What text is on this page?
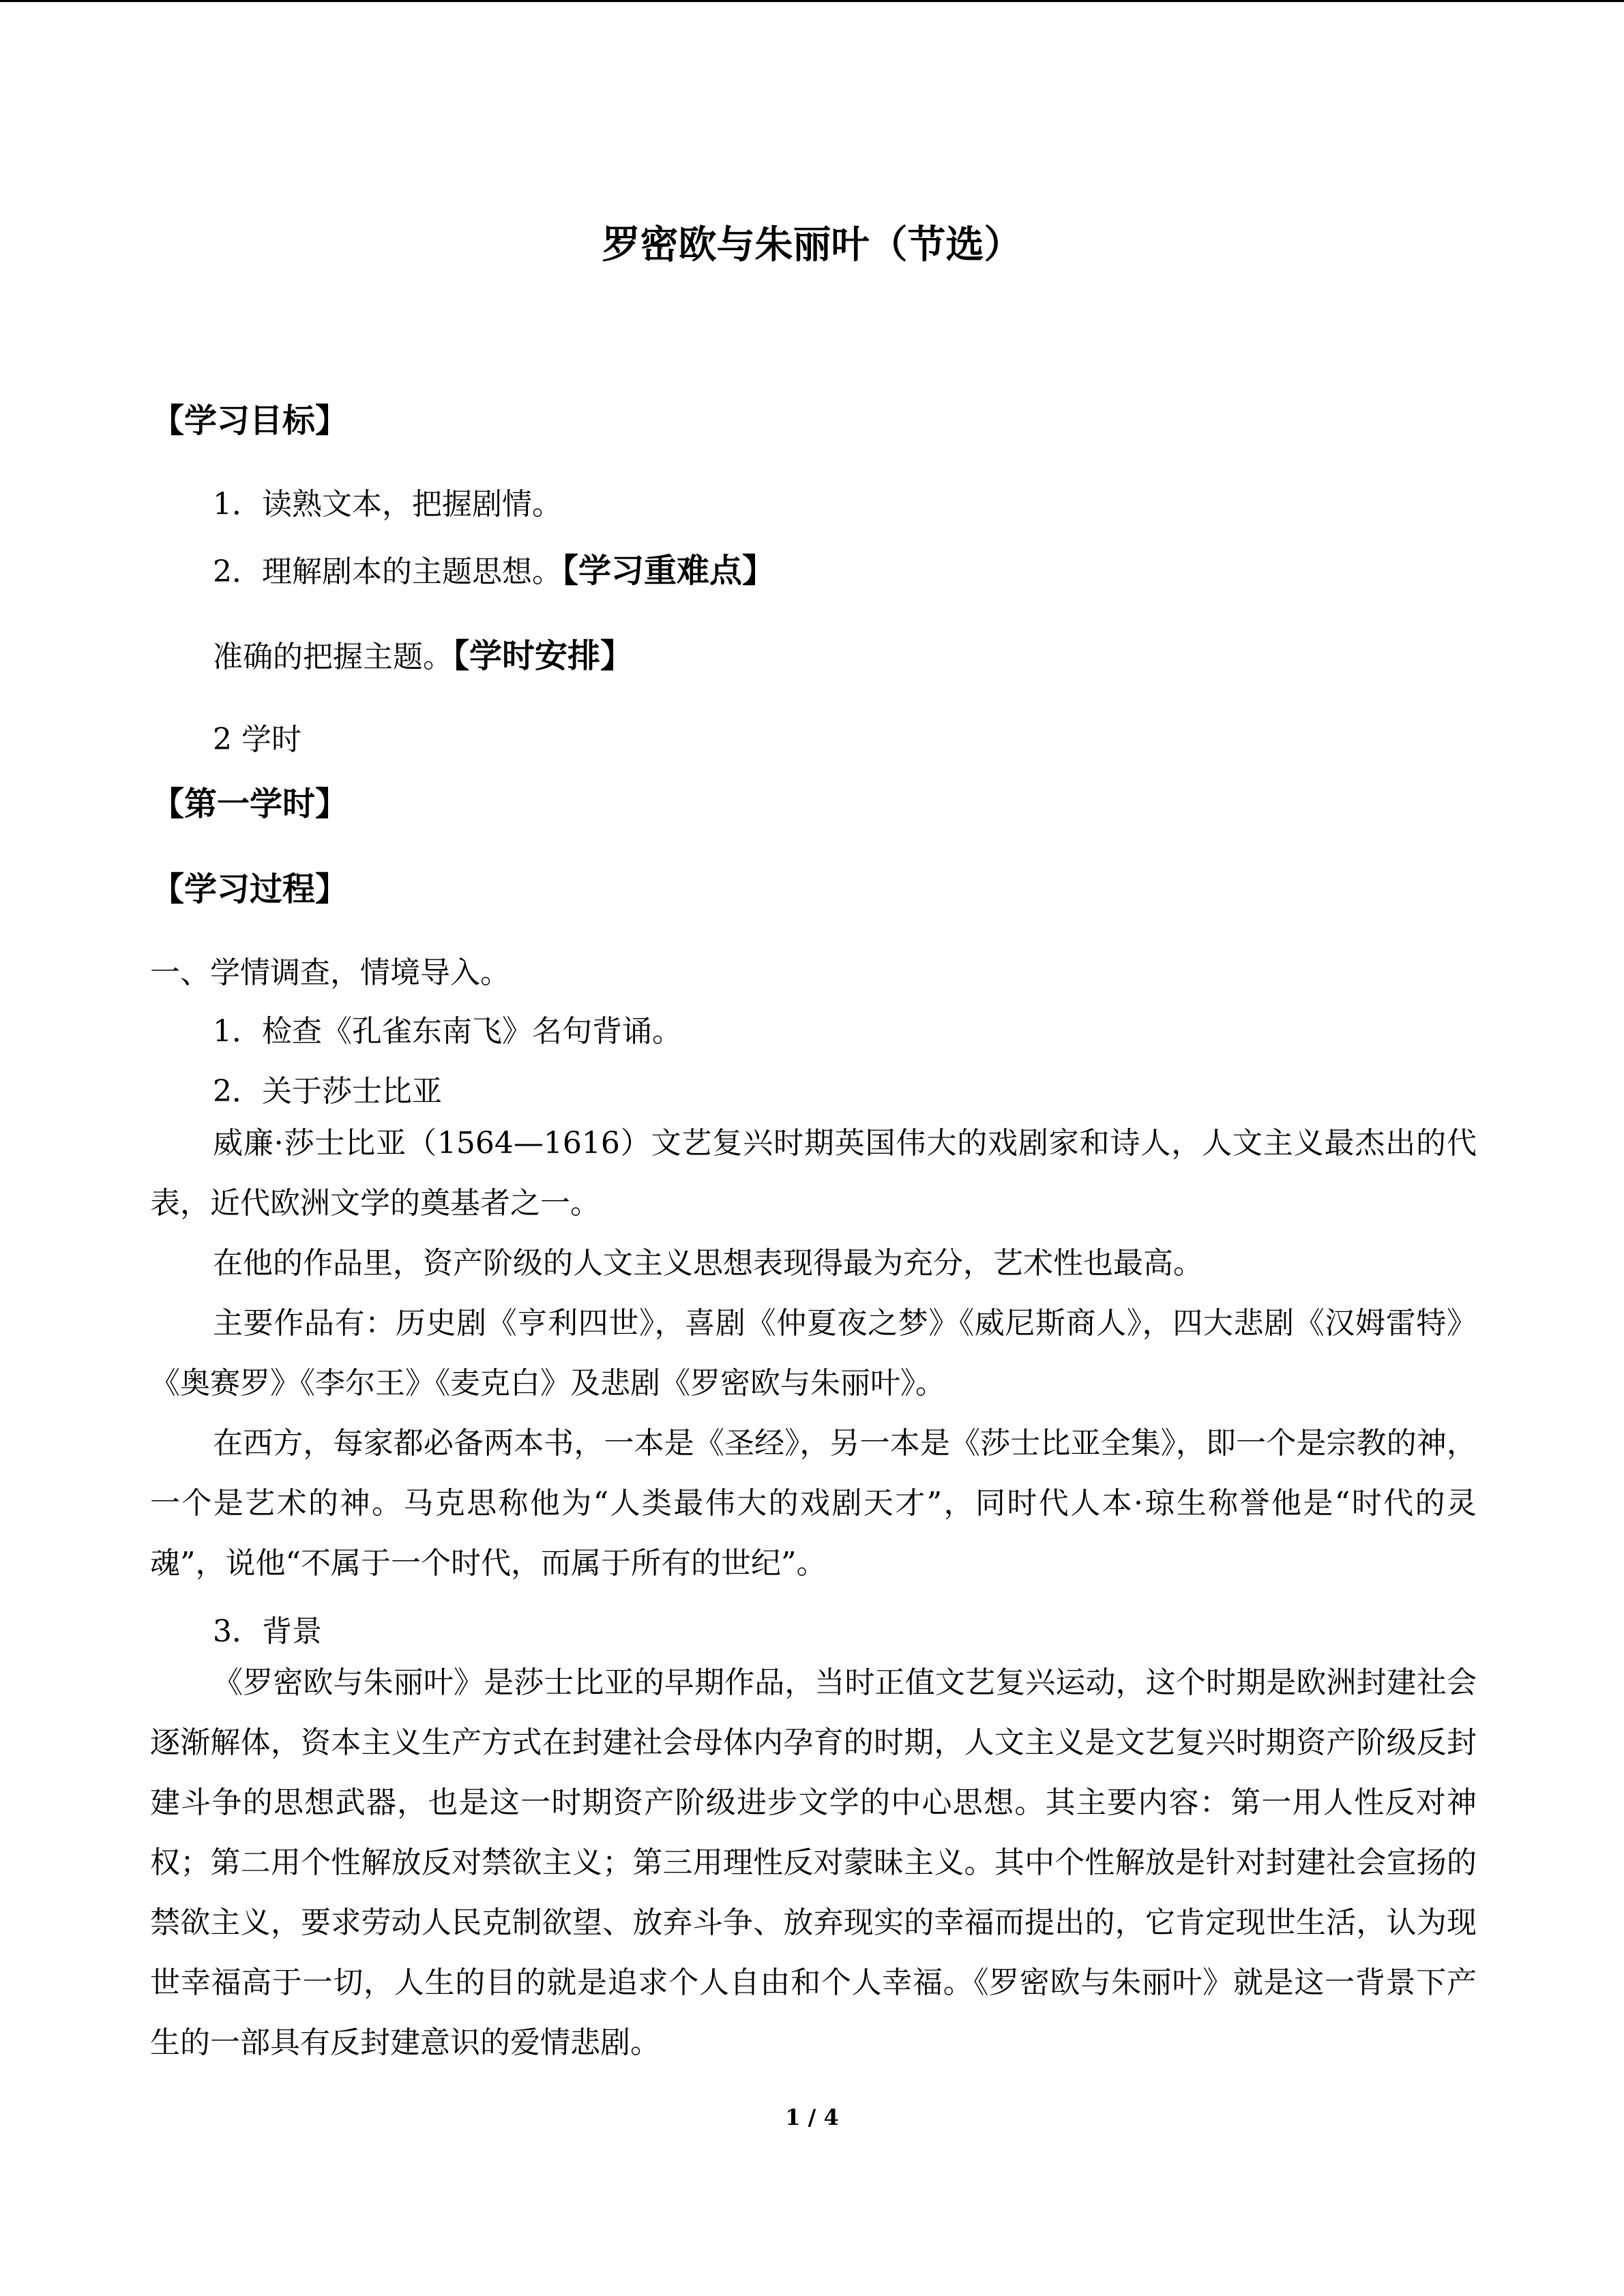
罗密欧与朱丽叶（节选）
【学习目标】
1．读熟文本，把握剧情。
2．理解剧本的主题思想。【学习重难点】
准确的把握主题。【学时安排】
2 学时
【第一学时】
【学习过程】
一、学情调查，情境导入。
1．检查《孔雀东南飞》名句背诵。
2．关于莎士比亚
威廉·莎士比亚（1564—1616）文艺复兴时期英国伟大的戏剧家和诗人，人文主义最杰出的代表，近代欧洲文学的奠基者之一。
在他的作品里，资产阶级的人文主义思想表现得最为充分，艺术性也最高。
主要作品有：历史剧《亨利四世》，喜剧《仲夏夜之梦》《威尼斯商人》，四大悲剧《汉姆雷特》《奥赛罗》《李尔王》《麦克白》及悲剧《罗密欧与朱丽叶》。
在西方，每家都必备两本书，一本是《圣经》，另一本是《莎士比亚全集》，即一个是宗教的神，一个是艺术的神。马克思称他为“人类最伟大的戏剧天才”，同时代人本·琼生称誉他是“时代的灵魂”，说他“不属于一个时代，而属于所有的世纪”。
3．背景
《罗密欧与朱丽叶》是莎士比亚的早期作品，当时正值文艺复兴运动，这个时期是欧洲封建社会逐渐解体，资本主义生产方式在封建社会母体内孕育的时期，人文主义是文艺复兴时期资产阶级反封建斗争的思想武器，也是这一时期资产阶级进步文学的中心思想。其主要内容：第一用人性反对神权；第二用个性解放反对禁欲主义；第三用理性反对蒙昧主义。其中个性解放是针对封建社会宣扬的禁欲主义，要求劳动人民克制欲望、放弃斗争、放弃现实的幸福而提出的，它肯定现世生活，认为现世幸福高于一切，人生的目的就是追求个人自由和个人幸福。《罗密欧与朱丽叶》就是这一背景下产生的一部具有反封建意识的爱情悲剧。
1 / 4
